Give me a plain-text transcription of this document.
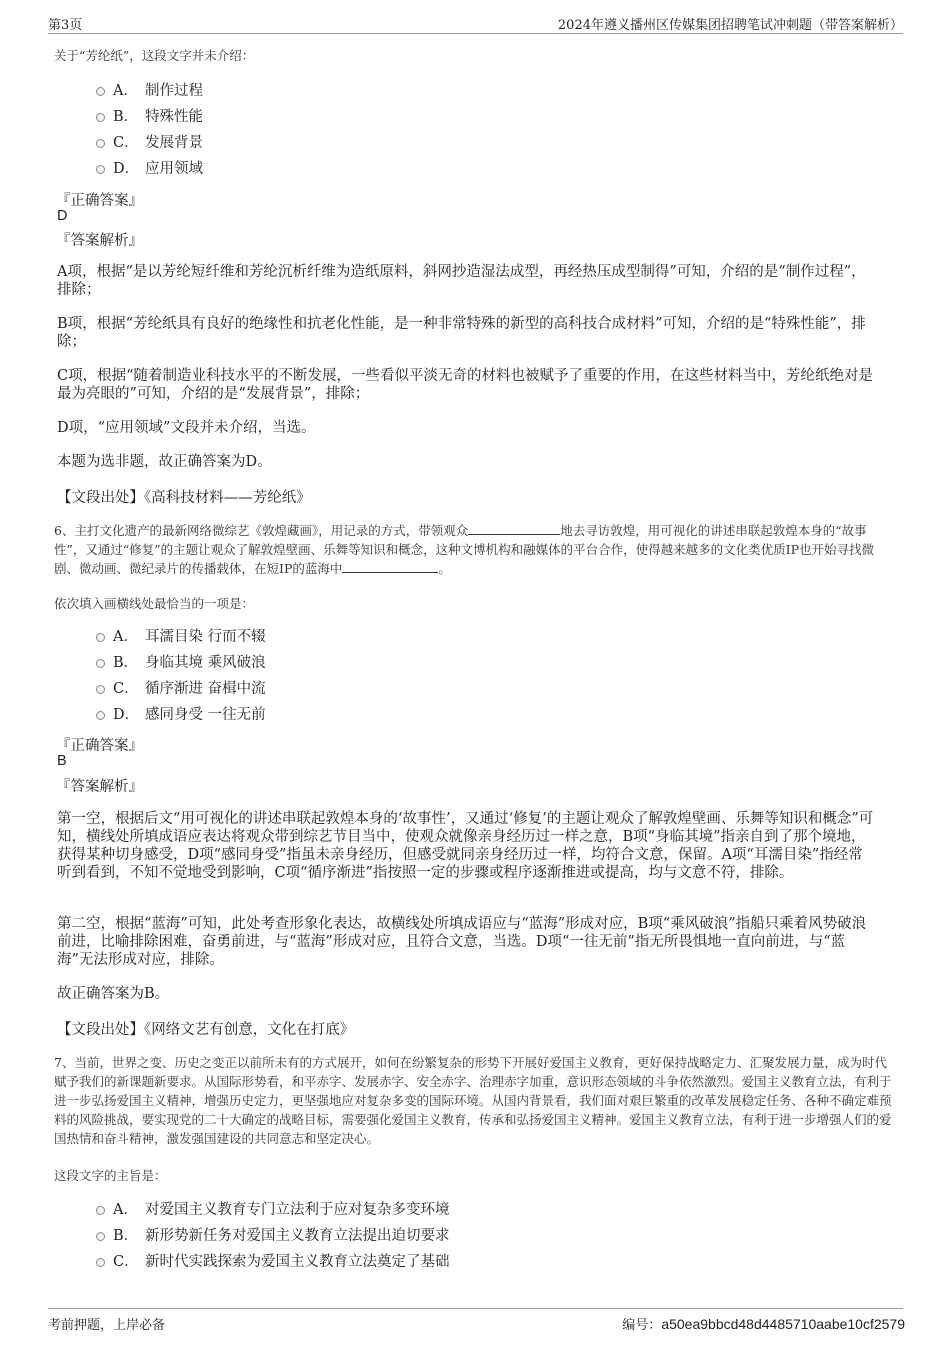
第3页	2024年遵义播州区传媒集团招聘笔试冲刺题（带答案解析）
关于“芳纶纸”，这段文字并未介绍：
A． 制作过程
B． 特殊性能
C． 发展背景
D． 应用领域
『正确答案』
D
『答案解析』
A项，根据“是以芳纶短纤维和芳纶沉析纤维为造纸原料，斜网抄造湿法成型，再经热压成型制得”可知，介绍的是“制作过程”，排除；
B项，根据“芳纶纸具有良好的绝缘性和抗老化性能，是一种非常特殊的新型的高科技合成材料”可知，介绍的是“特殊性能”，排除；
C项，根据“随着制造业科技水平的不断发展，一些看似平淡无奇的材料也被赋予了重要的作用，在这些材料当中，芳纶纸绝对是最为亮眼的”可知，介绍的是“发展背景”，排除；
D项，“应用领域”文段并未介绍，当选。
本题为选非题，故正确答案为D。
【文段出处】《高科技材料——芳纶纸》
6、主打文化遗产的最新网络微综艺《敦煌藏画》，用记录的方式，带领观众	地去寻访敦煌，用可视化的讲述串联起敦煌本身的“故事性”，又通过“修复”的主题让观众了解敦煌壁画、乐舞等知识和概念，这种文博机构和融媒体的平台合作，使得越来越多的文化类优质IP也开始寻找微剧、微动画、微纪录片的传播载体，在短IP的蓝海中	。
依次填入画横线处最恰当的一项是：
A． 耳濡目染 行而不辍
B． 身临其境 乘风破浪
C． 循序渐进 奋楫中流
D． 感同身受 一往无前
『正确答案』
B
『答案解析』
第一空，根据后文“用可视化的讲述串联起敦煌本身的‘故事性’，又通过‘修复’的主题让观众了解敦煌壁画、乐舞等知识和概念”可知，横线处所填成语应表达将观众带到综艺节目当中，使观众就像亲身经历过一样之意，B项“身临其境”指亲自到了那个境地，获得某种切身感受，D项“感同身受”指虽未亲身经历，但感受就同亲身经历过一样，均符合文意，保留。A项“耳濡目染”指经常听到看到，不知不觉地受到影响，C项“循序渐进”指按照一定的步骤或程序逐渐推进或提高，均与文意不符，排除。
第二空，根据“蓝海”可知，此处考查形象化表达，故横线处所填成语应与“蓝海”形成对应，B项“乘风破浪”指船只乘着风势破浪前进，比喻排除困难，奋勇前进，与“蓝海”形成对应，且符合文意，当选。D项“一往无前”指无所畏惧地一直向前进，与“蓝海”无法形成对应，排除。
故正确答案为B。
【文段出处】《网络文艺有创意，文化在打底》
7、当前，世界之变、历史之变正以前所未有的方式展开，如何在纷繁复杂的形势下开展好爱国主义教育，更好保持战略定力、汇聚发展力量，成为时代赋予我们的新课题新要求。从国际形势看，和平赤字、发展赤字、安全赤字、治理赤字加重，意识形态领域的斗争依然激烈。爱国主义教育立法，有利于进一步弘扬爱国主义精神，增强历史定力，更坚强地应对复杂多变的国际环境。从国内背景看，我们面对艰巨繁重的改革发展稳定任务、各种不确定难预料的风险挑战，要实现党的二十大确定的战略目标，需要强化爱国主义教育，传承和弘扬爱国主义精神。爱国主义教育立法，有利于进一步增强人们的爱国热情和奋斗精神，激发强国建设的共同意志和坚定决心。
这段文字的主旨是：
A． 对爱国主义教育专门立法利于应对复杂多变环境
B． 新形势新任务对爱国主义教育立法提出迫切要求
C． 新时代实践探索为爱国主义教育立法奠定了基础
考前押题，上岸必备	编号：a50ea9bbcd48d4485710aabe10cf2579
